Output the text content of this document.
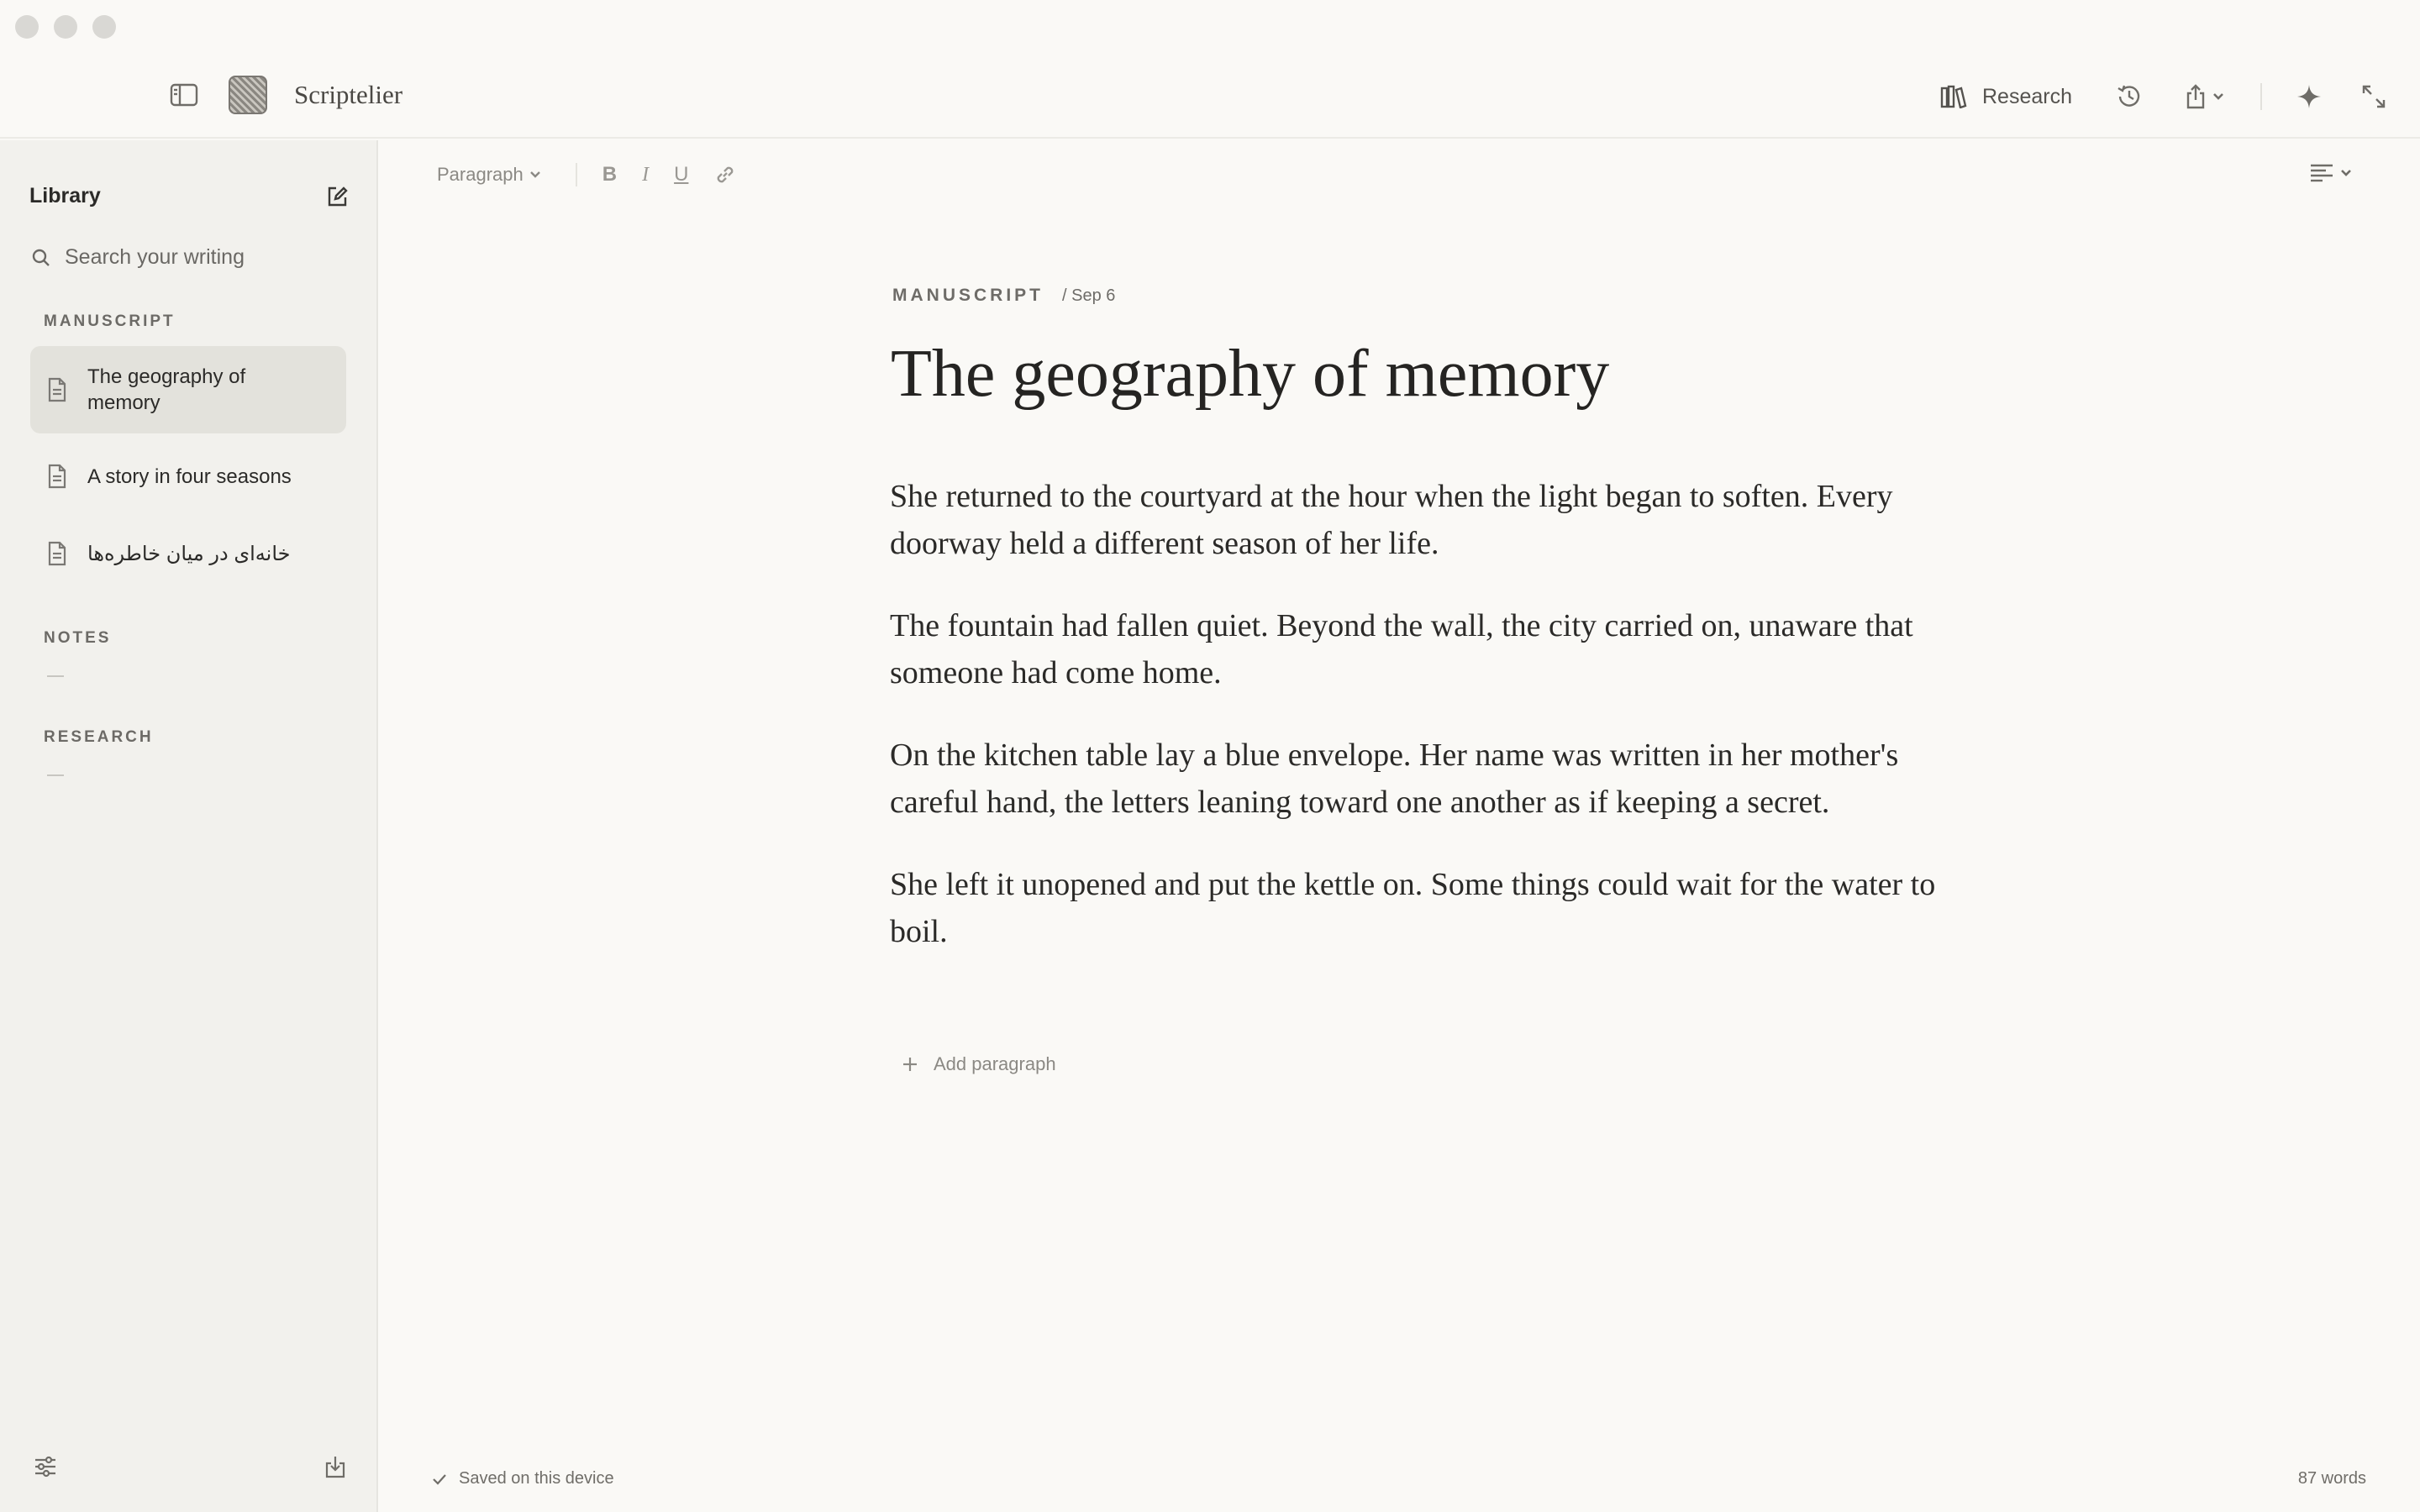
Scriptelier	Research
Library
Search your writing
MANUSCRIPT
The geography of memory
A story in four seasons
خانه‌ای در میان خاطره‌ها
NOTES
RESEARCH
Paragraph	B I U
MANUSCRIPT / Sep 6
The geography of memory

She returned to the courtyard at the hour when the light began to soften. Every doorway held a different season of her life.

The fountain had fallen quiet. Beyond the wall, the city carried on, unaware that someone had come home.

On the kitchen table lay a blue envelope. Her name was written in her mother's careful hand, the letters leaning toward one another as if keeping a secret.

She left it unopened and put the kettle on. Some things could wait for the water to boil.

Add paragraph
Saved on this device	87 words
